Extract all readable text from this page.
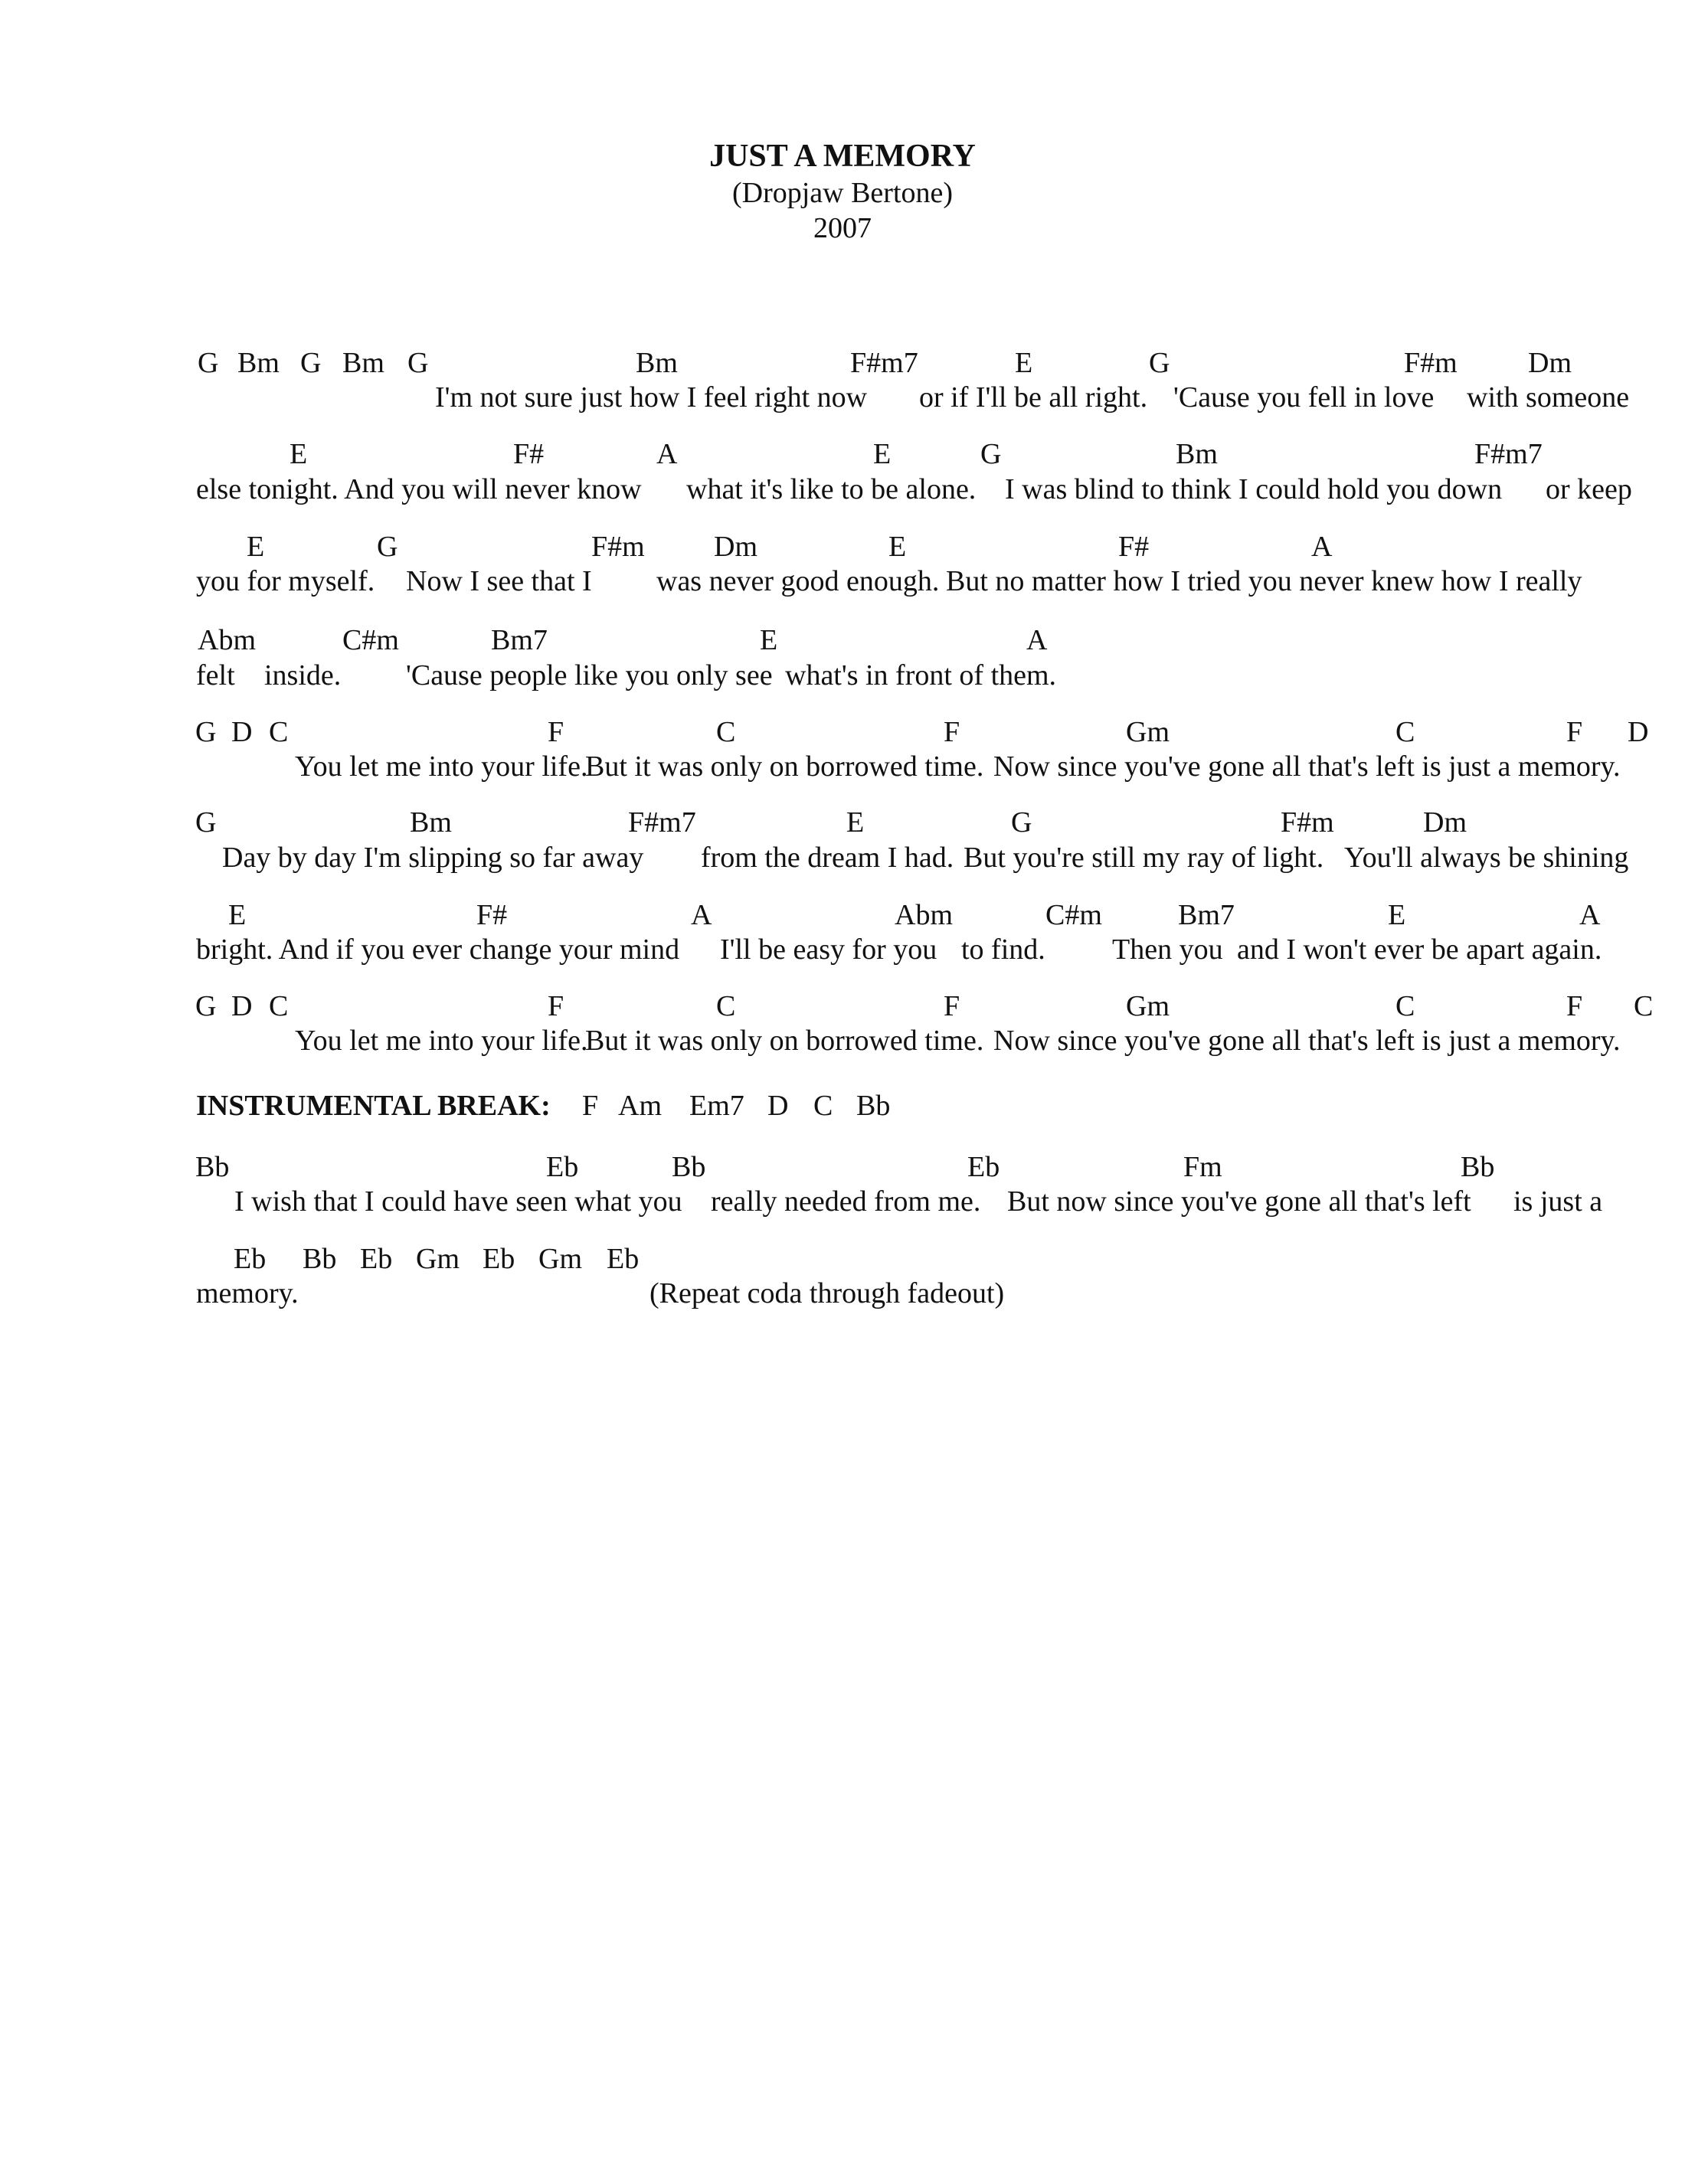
JUST A MEMORY
(Dropjaw Bertone)
2007
G Bm G Bm G	Bm	F#m7	E	G	F#m Dm
I'm not sure just how I feel right now or if I'll be all right. 'Cause you fell in love with someone
E	F#	A	E	G	Bm	F#m7
else tonight. And you will never know what it's like to be alone. I was blind to think I could hold you down or keep
E	G	F#m Dm	E	F#	A
you for myself. Now I see that I was never good enough. But no matter how I tried you never knew how I really
Abm	C#m	Bm7	E	A
felt inside. 'Cause people like you only see what's in front of them.
G D C	F	C	F	Gm	C	F D
You let me into your life.
But it was only on borrowed time. Now since you've gone all that's left is just a memory.
G	Bm	F#m7	E	G	F#m	Dm
Day by day I'm slipping so far away from the dream I had. But you're still my ray of light. You'll always be shining
E	F#	A	Abm	C#m	Bm7	E	A
bright. And if you ever change your mind I'll be easy for you to find. Then you and I won't ever be apart again.
G D C	F	C	F	Gm	C	F C
You let me into your life.
But it was only on borrowed time. Now since you've gone all that's left is just a memory.
INSTRUMENTAL BREAK: F Am Em7 D C Bb
Bb	Eb	Bb	Eb	Fm	Bb
I wish that I could have seen what you really needed from me. But now since you've gone all that's left is just a
Eb Bb Eb Gm Eb Gm Eb
memory.	(Repeat coda through fadeout)
